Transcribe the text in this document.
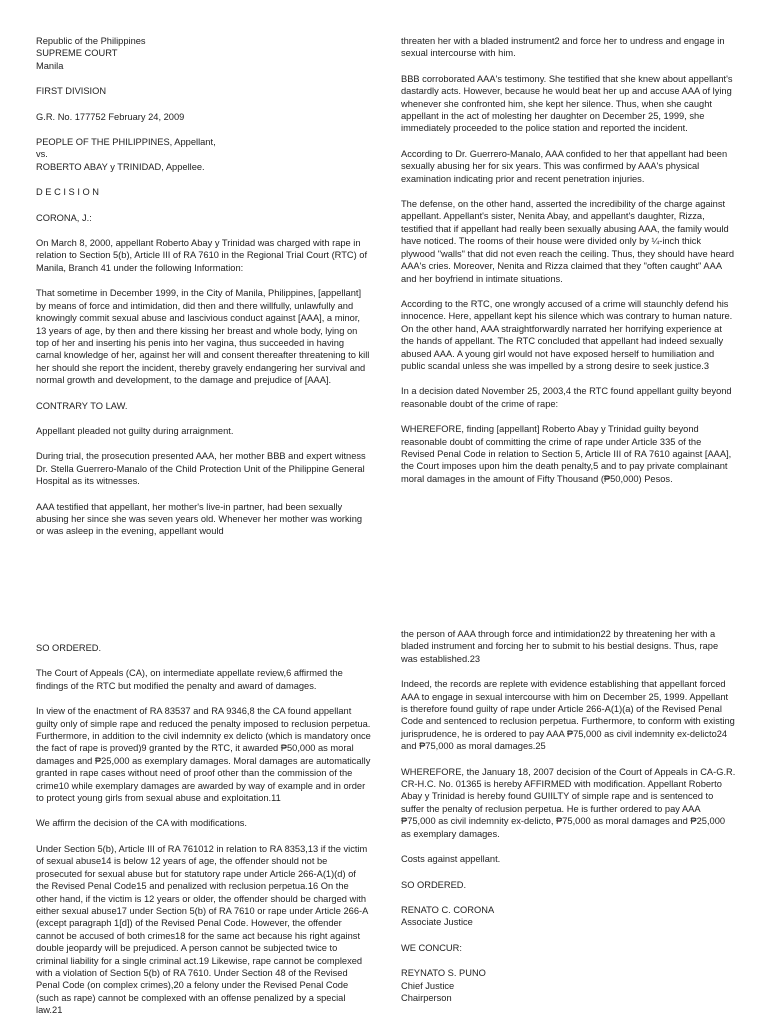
Republic of the Philippines
SUPREME COURT
Manila

FIRST DIVISION

G.R. No. 177752 February 24, 2009

PEOPLE OF THE PHILIPPINES, Appellant,
vs.
ROBERTO ABAY y TRINIDAD, Appellee.

D E C I S I O N

CORONA, J.:

On March 8, 2000, appellant Roberto Abay y Trinidad was charged with rape in relation to Section 5(b), Article III of RA 7610 in the Regional Trial Court (RTC) of Manila, Branch 41 under the following Information:

That sometime in December 1999, in the City of Manila, Philippines, [appellant] by means of force and intimidation, did then and there willfully, unlawfully and knowingly commit sexual abuse and lascivious conduct against [AAA], a minor, 13 years of age, by then and there kissing her breast and whole body, lying on top of her and inserting his penis into her vagina, thus succeeded in having carnal knowledge of her, against her will and consent thereafter threatening to kill her should she report the incident, thereby gravely endangering her survival and normal growth and development, to the damage and prejudice of [AAA].

CONTRARY TO LAW.

Appellant pleaded not guilty during arraignment.

During trial, the prosecution presented AAA, her mother BBB and expert witness Dr. Stella Guerrero-Manalo of the Child Protection Unit of the Philippine General Hospital as its witnesses.

AAA testified that appellant, her mother's live-in partner, had been sexually abusing her since she was seven years old. Whenever her mother was working or was asleep in the evening, appellant would

threaten her with a bladed instrument2 and force her to undress and engage in sexual intercourse with him.

BBB corroborated AAA's testimony. She testified that she knew about appellant's dastardly acts. However, because he would beat her up and accuse AAA of lying whenever she confronted him, she kept her silence. Thus, when she caught appellant in the act of molesting her daughter on December 25, 1999, she immediately proceeded to the police station and reported the incident.

According to Dr. Guerrero-Manalo, AAA confided to her that appellant had been sexually abusing her for six years. This was confirmed by AAA's physical examination indicating prior and recent penetration injuries.

The defense, on the other hand, asserted the incredibility of the charge against appellant. Appellant's sister, Nenita Abay, and appellant's daughter, Rizza, testified that if appellant had really been sexually abusing AAA, the family would have noticed. The rooms of their house were divided only by ¼-inch thick plywood "walls" that did not even reach the ceiling. Thus, they should have heard AAA's cries. Moreover, Nenita and Rizza claimed that they "often caught" AAA and her boyfriend in intimate situations.

According to the RTC, one wrongly accused of a crime will staunchly defend his innocence. Here, appellant kept his silence which was contrary to human nature. On the other hand, AAA straightforwardly narrated her horrifying experience at the hands of appellant. The RTC concluded that appellant had indeed sexually abused AAA. A young girl would not have exposed herself to humiliation and public scandal unless she was impelled by a strong desire to seek justice.3

In a decision dated November 25, 2003,4 the RTC found appellant guilty beyond reasonable doubt of the crime of rape:

WHEREFORE, finding [appellant] Roberto Abay y Trinidad guilty beyond reasonable doubt of committing the crime of rape under Article 335 of the Revised Penal Code in relation to Section 5, Article III of RA 7610 against [AAA], the Court imposes upon him the death penalty,5 and to pay private complainant moral damages in the amount of Fifty Thousand (₱50,000) Pesos.

SO ORDERED.

The Court of Appeals (CA), on intermediate appellate review,6 affirmed the findings of the RTC but modified the penalty and award of damages.

In view of the enactment of RA 83537 and RA 9346,8 the CA found appellant guilty only of simple rape and reduced the penalty imposed to reclusion perpetua. Furthermore, in addition to the civil indemnity ex delicto (which is mandatory once the fact of rape is proved)9 granted by the RTC, it awarded ₱50,000 as moral damages and ₱25,000 as exemplary damages. Moral damages are automatically granted in rape cases without need of proof other than the commission of the crime10 while exemplary damages are awarded by way of example and in order to protect young girls from sexual abuse and exploitation.11

We affirm the decision of the CA with modifications.

Under Section 5(b), Article III of RA 761012 in relation to RA 8353,13 if the victim of sexual abuse14 is below 12 years of age, the offender should not be prosecuted for sexual abuse but for statutory rape under Article 266-A(1)(d) of the Revised Penal Code15 and penalized with reclusion perpetua.16 On the other hand, if the victim is 12 years or older, the offender should be charged with either sexual abuse17 under Section 5(b) of RA 7610 or rape under Article 266-A (except paragraph 1[d]) of the Revised Penal Code. However, the offender cannot be accused of both crimes18 for the same act because his right against double jeopardy will be prejudiced. A person cannot be subjected twice to criminal liability for a single criminal act.19 Likewise, rape cannot be complexed with a violation of Section 5(b) of RA 7610. Under Section 48 of the Revised Penal Code (on complex crimes),20 a felony under the Revised Penal Code (such as rape) cannot be complexed with an offense penalized by a special law.21

the person of AAA through force and intimidation22 by threatening her with a bladed instrument and forcing her to submit to his bestial designs. Thus, rape was established.23

Indeed, the records are replete with evidence establishing that appellant forced AAA to engage in sexual intercourse with him on December 25, 1999. Appellant is therefore found guilty of rape under Article 266-A(1)(a) of the Revised Penal Code and sentenced to reclusion perpetua. Furthermore, to conform with existing jurisprudence, he is ordered to pay AAA ₱75,000 as civil indemnity ex-delicto24 and ₱75,000 as moral damages.25

WHEREFORE, the January 18, 2007 decision of the Court of Appeals in CA-G.R. CR-H.C. No. 01365 is hereby AFFIRMED with modification. Appellant Roberto Abay y Trinidad is hereby found GUIILTY of simple rape and is sentenced to suffer the penalty of reclusion perpetua. He is further ordered to pay AAA ₱75,000 as civil indemnity ex-delicto, ₱75,000 as moral damages and ₱25,000 as exemplary damages.

Costs against appellant.

SO ORDERED.

RENATO C. CORONA
Associate Justice

WE CONCUR:

REYNATO S. PUNO
Chief Justice
Chairperson
